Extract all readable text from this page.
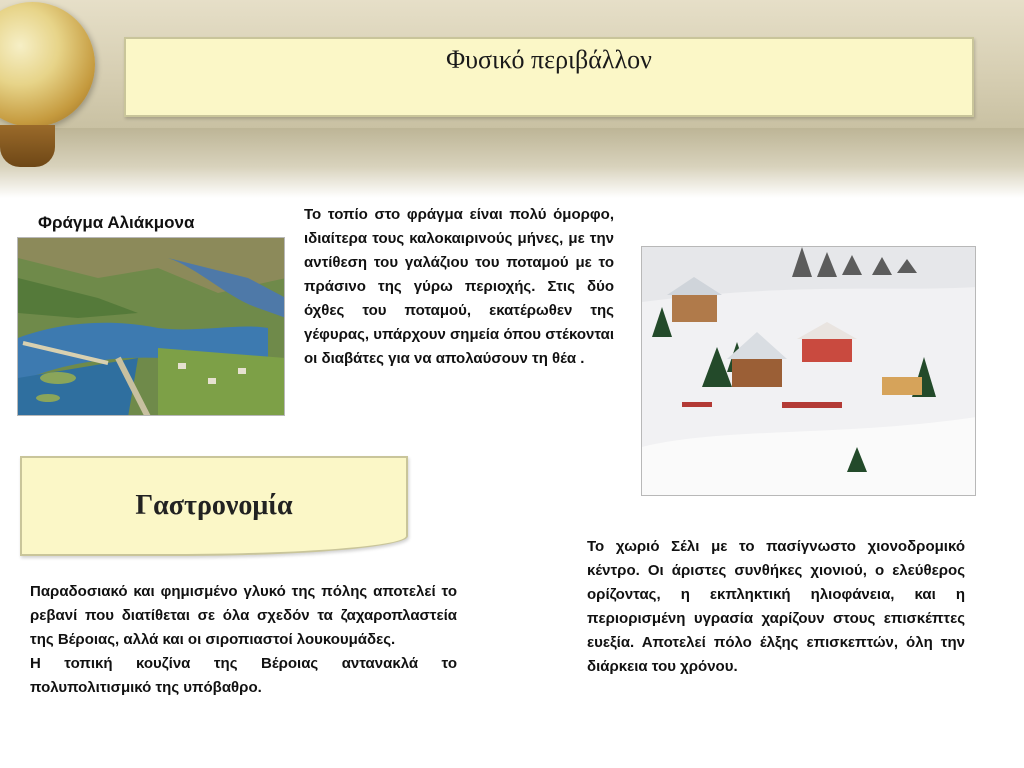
Φυσικό περιβάλλον
Φράγμα Αλιάκμονα	Το τοπίο στο φράγμα είναι πολύ όμορφο, ιδιαίτερα τους καλοκαιρινούς μήνες, με την αντίθεση του γαλάζιου του ποταμού με το πράσινο της γύρω περιοχής. Στις δύο όχθες του ποταμού, εκατέρωθεν της γέφυρας, υπάρχουν σημεία όπου στέκονται οι διαβάτες για να απολαύσουν τη θέα .

Γαστρονομία
Παραδοσιακό και φημισμένο γλυκό της πόλης αποτελεί το ρεβανί που διατίθεται σε όλα σχεδόν τα ζαχαροπλαστεία της Βέροιας, αλλά και οι σιροπιαστοί λουκουμάδες.
Η τοπική κουζίνα της Βέροιας αντανακλά το πολυπολιτισμικό της υπόβαθρο.

Το χωριό Σέλι με το πασίγνωστο χιονοδρομικό κέντρο. Οι άριστες συνθήκες χιονιού, ο ελεύθερος ορίζοντας, η εκπληκτική ηλιοφάνεια, και η περιορισμένη υγρασία χαρίζουν στους επισκέπτες ευεξία. Αποτελεί πόλο έλξης επισκεπτών, όλη την διάρκεια του χρόνου.
